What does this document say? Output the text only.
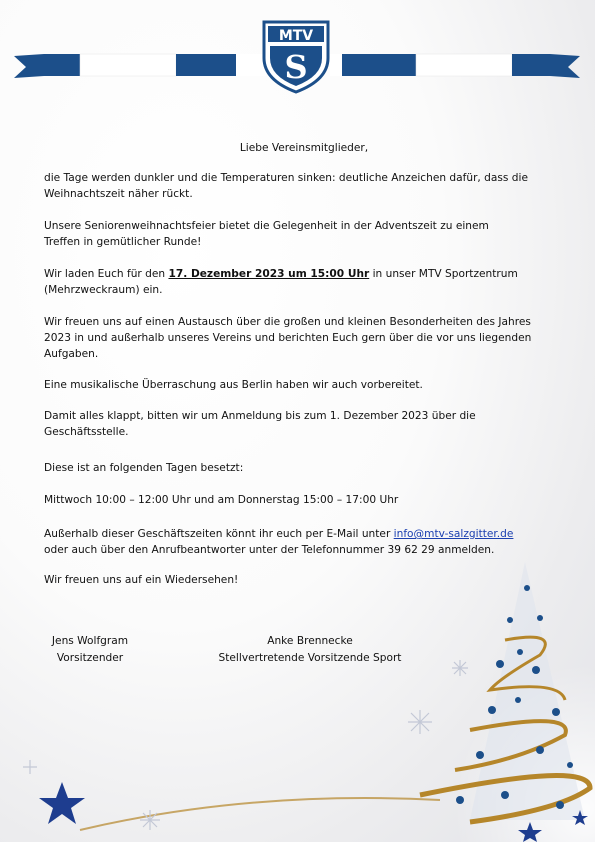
MTV
S

Liebe Vereinsmitglieder,

die Tage werden dunkler und die Temperaturen sinken: deutliche Anzeichen dafür, dass die

Weihnachtszeit näher rückt.

Unsere Seniorenweihnachtsfeier bietet die Gelegenheit in der Adventszeit zu einem

Treffen in gemütlicher Runde!

Wir laden Euch für den 17. Dezember 2023 um 15:00 Uhr in unser MTV Sportzentrum

(Mehrzweckraum) ein.

Wir freuen uns auf einen Austausch über die großen und kleinen Besonderheiten des Jahres

2023 in und außerhalb unseres Vereins und berichten Euch gern über die vor uns liegenden

Aufgaben.

Eine musikalische Überraschung aus Berlin haben wir auch vorbereitet.

Damit alles klappt, bitten wir um Anmeldung bis zum 1. Dezember 2023 über die

Geschäftsstelle.

Diese ist an folgenden Tagen besetzt:

Mittwoch 10:00 – 12:00 Uhr und am Donnerstag 15:00 – 17:00 Uhr

Außerhalb dieser Geschäftszeiten könnt ihr euch per E-Mail unter info@mtv-salzgitter.de

oder auch über den Anrufbeantworter unter der Telefonnummer 39 62 29 anmelden.

Wir freuen uns auf ein Wiedersehen!

Jens Wolfgram
Vorsitzender
Anke Brennecke
Stellvertretende Vorsitzende Sport
